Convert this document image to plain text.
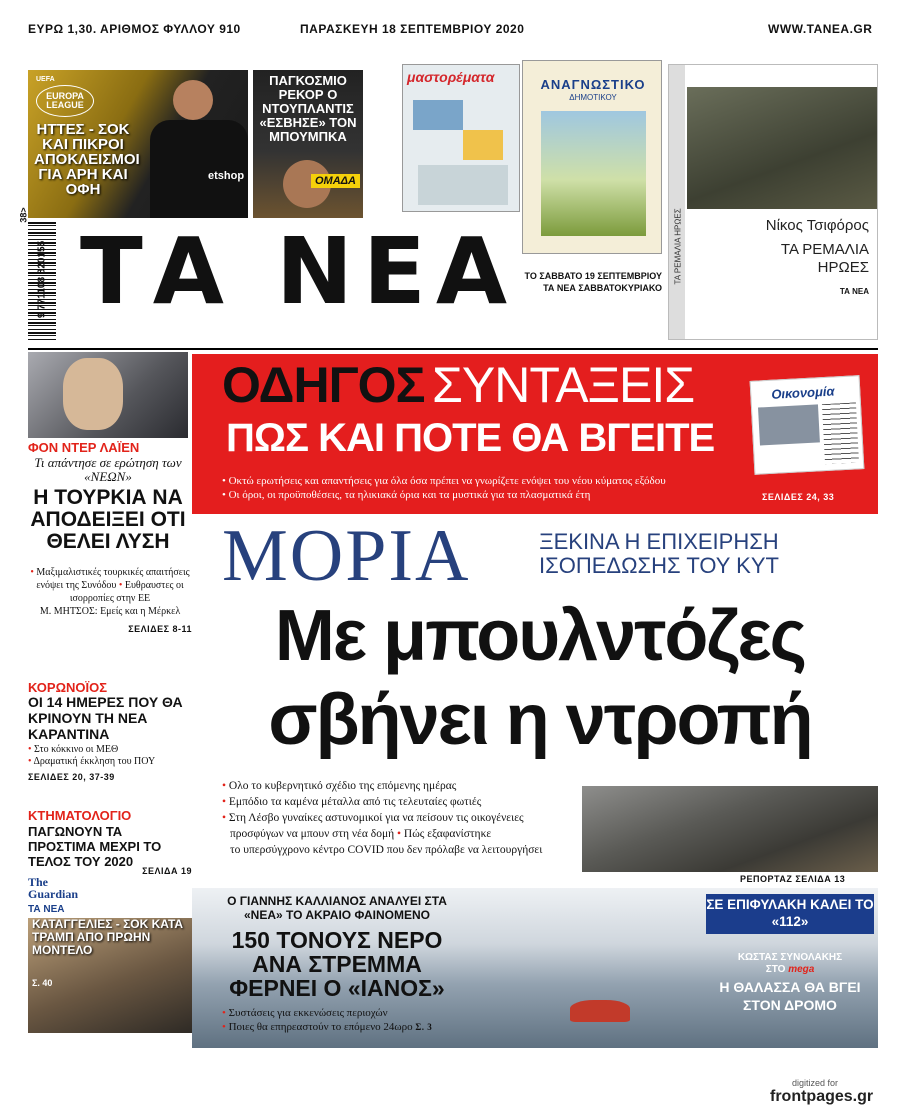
ΕΥΡΩ 1,30. ΑΡΙΘΜΟΣ ΦΥΛΛΟΥ 910	ΠΑΡΑΣΚΕΥΗ 18 ΣΕΠΤΕΜΒΡΙΟΥ 2020	WWW.TANEA.GR
UEFA
EUROPA LEAGUE
ΗΤΤΕΣ - ΣΟΚ ΚΑΙ ΠΙΚΡΟΙ ΑΠΟΚΛΕΙΣΜΟΙ ΓΙΑ ΑΡΗ ΚΑΙ ΟΦΗ
etshop
ΠΑΓΚΟΣΜΙΟ ΡΕΚΟΡ Ο ΝΤΟΥΠΛΑΝΤΙΣ «ΕΣΒΗΣΕ» ΤΟΝ ΜΠΟΥΜΠΚΑ
ΟΜΑΔΑ
μαστορέματα	ΑΝΑΓΝΩΣΤΙΚΟ
ΔΗΜΟΤΙΚΟΥ
ΤΑ ΡΕΜΑΛΙΑ ΗΡΩΕΣ	Νίκος Τσιφόρος
ΤΑ ΡΕΜΑΛΙΑ ΗΡΩΕΣ
ΤΑ ΝΕΑ
9 771108 820155
38>
ΤΑ ΝΕΑ ΤΟ ΣΑΒΒΑΤΟ 19 ΣΕΠΤΕΜΒΡΙΟΥ ΤΑ ΝΕΑ ΣΑΒΒΑΤΟΚΥΡΙΑΚΟ
ΦΟΝ ΝΤΕΡ ΛΑΪΕΝ
Τι απάντησε σε ερώτηση των «ΝΕΩΝ»
Η ΤΟΥΡΚΙΑ ΝΑ ΑΠΟΔΕΙΞΕΙ ΟΤΙ ΘΕΛΕΙ ΛΥΣΗ
• Μαξιμαλιστικές τουρκικές απαιτήσεις ενόψει της Συνόδου • Ευθραυστες οι ισορροπίες στην ΕΕ
Μ. ΜΗΤΣΟΣ: Εμείς και η Μέρκελ
ΣΕΛΙΔΕΣ 8-11
ΚΟΡΩΝΟΪΟΣ
ΟΙ 14 ΗΜΕΡΕΣ ΠΟΥ ΘΑ ΚΡΙΝΟΥΝ ΤΗ ΝΕΑ ΚΑΡΑΝΤΙΝΑ
• Στο κόκκινο οι ΜΕΘ
• Δραματική έκκληση του ΠΟΥ
ΣΕΛΙΔΕΣ 20, 37-39
ΚΤΗΜΑΤΟΛΟΓΙΟ
ΠΑΓΩΝΟΥΝ ΤΑ ΠΡΟΣΤΙΜΑ ΜΕΧΡΙ ΤΟ ΤΕΛΟΣ ΤΟΥ 2020
ΣΕΛΙΔΑ 19
The Guardian
ΤΑ ΝΕΑ
ΚΑΤΑΓΓΕΛΙΕΣ - ΣΟΚ ΚΑΤΑ ΤΡΑΜΠ ΑΠΟ ΠΡΩΗΝ ΜΟΝΤΕΛΟ
Σ. 40
ΟΔΗΓΟΣ ΣΥΝΤΑΞΕΙΣ
ΠΩΣ ΚΑΙ ΠΟΤΕ ΘΑ ΒΓΕΙΤΕ
• Οκτώ ερωτήσεις και απαντήσεις για όλα όσα πρέπει να γνωρίζετε ενόψει του νέου κύματος εξόδου
• Οι όροι, οι προϋποθέσεις, τα ηλικιακά όρια και τα μυστικά για τα πλασματικά έτη	ΣΕΛΙΔΕΣ 24, 33
Οικονομία
ΜΟΡΙΑ	ΞΕΚΙΝΑ Η ΕΠΙΧΕΙΡΗΣΗ ΙΣΟΠΕΔΩΣΗΣ ΤΟΥ ΚΥΤ
Με μπουλντόζες
σβήνει η ντροπή
• Ολο το κυβερνητικό σχέδιο της επόμενης ημέρας
• Εμπόδιο τα καμένα μέταλλα από τις τελευταίες φωτιές
• Στη Λέσβο γυναίκες αστυνομικοί για να πείσουν τις οικογένειες
προσφύγων να μπουν στη νέα δομή • Πώς εξαφανίστηκε
το υπερσύγχρονο κέντρο COVID που δεν πρόλαβε να λειτουργήσει
ΡΕΠΟΡΤΑΖ ΣΕΛΙΔΑ 13
Ο ΓΙΑΝΝΗΣ ΚΑΛΛΙΑΝΟΣ ΑΝΑΛΥΕΙ ΣΤΑ «ΝΕΑ» ΤΟ ΑΚΡΑΙΟ ΦΑΙΝΟΜΕΝΟ
150 ΤΟΝΟΥΣ ΝΕΡΟ ΑΝΑ ΣΤΡΕΜΜΑ ΦΕΡΝΕΙ Ο «ΙΑΝΟΣ»
• Συστάσεις για εκκενώσεις περιοχών
• Ποιες θα επηρεαστούν το επόμενο 24ωρο Σ. 3
ΣΕ ΕΠΙΦΥΛΑΚΗ ΚΑΛΕΙ ΤΟ «112»
ΚΩΣΤΑΣ ΣΥΝΟΛΑΚΗΣ
ΣΤΟ mega
Η ΘΑΛΑΣΣΑ ΘΑ ΒΓΕΙ ΣΤΟΝ ΔΡΟΜΟ
digitized for
frontpages.gr
